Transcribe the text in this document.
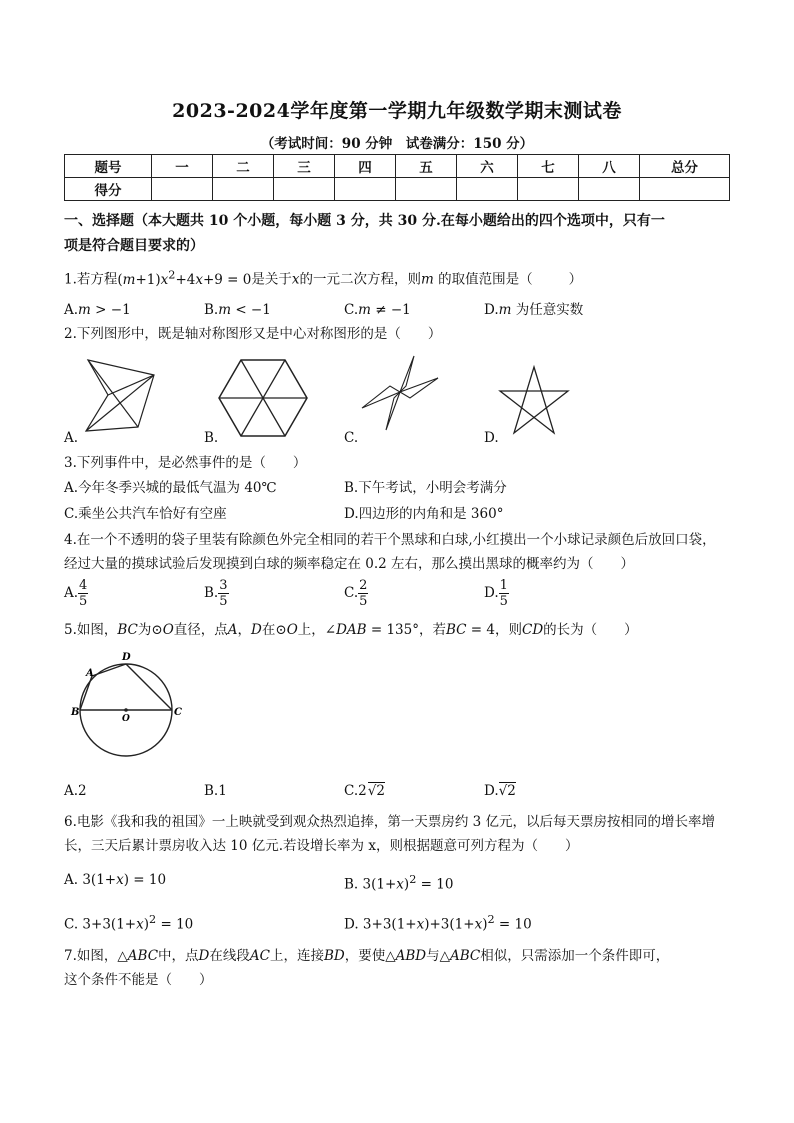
2023-2024学年度第一学期九年级数学期末测试卷
（考试时间：90 分钟　试卷满分：150 分）
题号	一	二	三	四	五	六	七	八	总分
得分									
一、选择题（本大题共 10 个小题，每小题 3 分，共 30 分.在每小题给出的四个选项中，只有一
项是符合题目要求的）
1.若方程$(m+1)x^2+4x+9 = 0$是关于x的一元二次方程，则m 的取值范围是（	）
A.m > −1	B.m < −1	C.m ≠ −1	D.m 为任意实数
2.下列图形中，既是轴对称图形又是中心对称图形的是（　　）
A.	B.	C.	D.
3.下列事件中，是必然事件的是（　　）
A.今年冬季兴城的最低气温为 40℃	B.下午考试，小明会考满分
C.乘坐公共汽车恰好有空座	D.四边形的内角和是 360°
4.在一个不透明的袋子里装有除颜色外完全相同的若干个黑球和白球,小红摸出一个小球记录颜色后放回口袋，
经过大量的摸球试验后发现摸到白球的频率稳定在 0.2 左右，那么摸出黑球的概率约为（　　）
A. $\frac{4}{5}$	B. $\frac{3}{5}$	C. $\frac{2}{5}$	D. $\frac{1}{5}$
5.如图，BC为⊙O直径，点A，D在⊙O上，∠DAB = 135°，若BC = 4，则CD的长为（　　）
A
D
B
O
C
A.2	B.1	C.2√2	D.√2
6.电影《我和我的祖国》一上映就受到观众热烈追捧，第一天票房约 3 亿元，以后每天票房按相同的增长率增
长，三天后累计票房收入达 10 亿元.若设增长率为 x，则根据题意可列方程为（　　）
A. 3(1+x) = 10	B. $3(1+x)^2 = 10$
C. $3+3(1+x)^2 = 10$	D. $3+3(1+x)+3(1+x)^2 = 10$
7.如图，△ABC中，点D在线段AC上，连接BD，要使△ABD与△ABC相似，只需添加一个条件即可，
这个条件不能是（　　）
